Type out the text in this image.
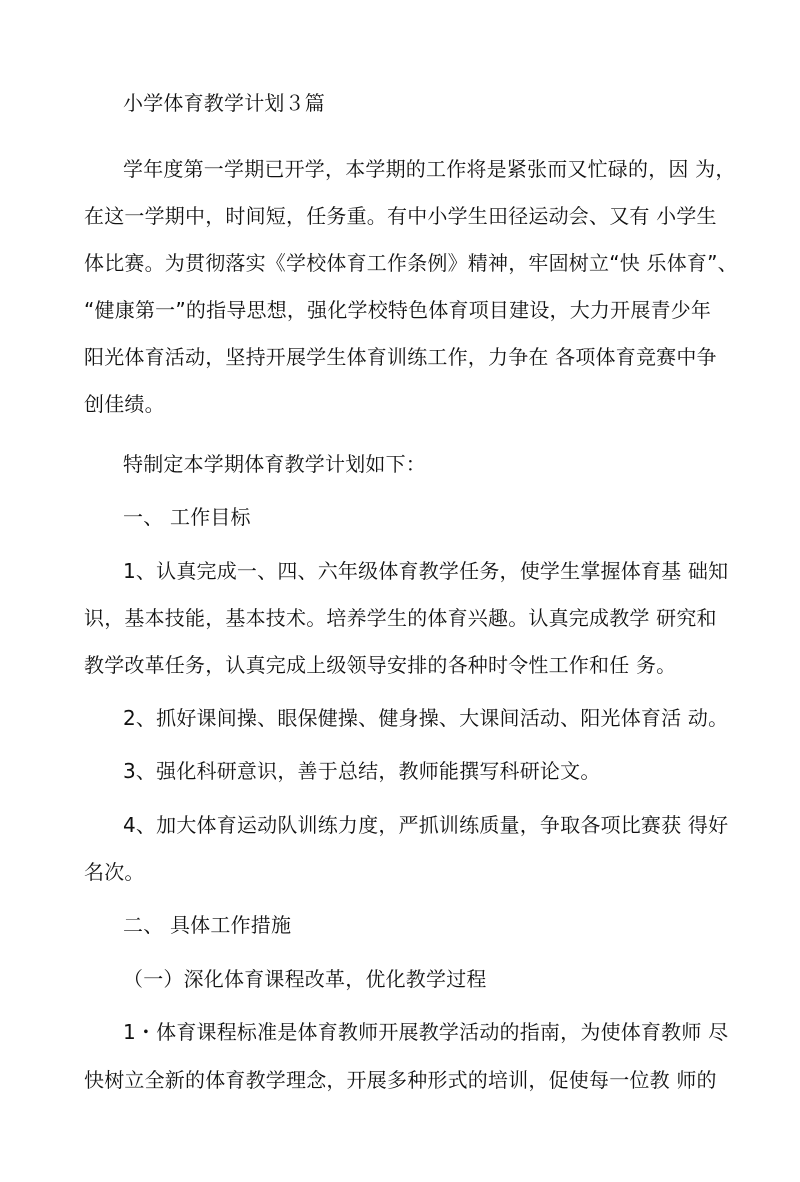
小学体育教学计划３篇
学年度第一学期已开学，本学期的工作将是紧张而又忙碌的，因 为，
在这一学期中，时间短，任务重。有中小学生田径运动会、又有 小学生
体比赛。为贯彻落实《学校体育工作条例》精神，牢固树立“快 乐体育”、
“健康第一”的指导思想，强化学校特色体育项目建设，大力开展青少年
阳光体育活动，坚持开展学生体育训练工作，力争在 各项体育竞赛中争
创佳绩。
特制定本学期体育教学计划如下：
一、 工作目标
1、认真完成一、四、六年级体育教学任务，使学生掌握体育基 础知
识，基本技能，基本技术。培养学生的体育兴趣。认真完成教学 研究和
教学改革任务，认真完成上级领导安排的各种时令性工作和任 务。
2、抓好课间操、眼保健操、健身操、大课间活动、阳光体育活 动。
3、强化科研意识，善于总结，教师能撰写科研论文。
4、加大体育运动队训练力度，严抓训练质量，争取各项比赛获 得好
名次。
二、 具体工作措施
（一）深化体育课程改革，优化教学过程
1・体育课程标准是体育教师开展教学活动的指南，为使体育教师 尽
快树立全新的体育教学理念，开展多种形式的培训，促使每一位教 师的
